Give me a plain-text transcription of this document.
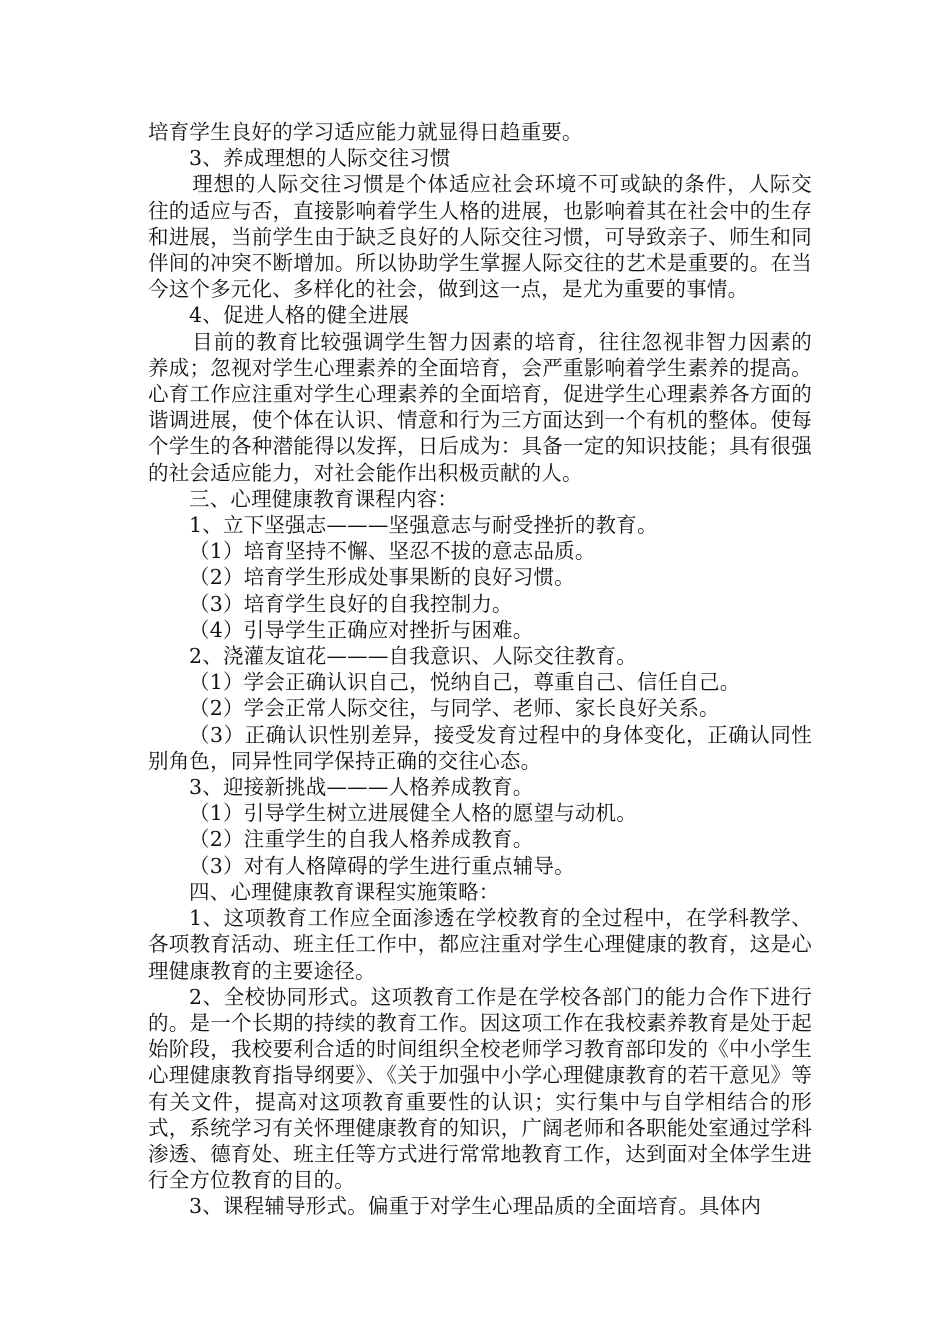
培育学生良好的学习适应能力就显得日趋重要。

3、养成理想的人际交往习惯

理想的人际交往习惯是个体适应社会环境不可或缺的条件，人际交往的适应与否，直接影响着学生人格的进展，也影响着其在社会中的生存和进展，当前学生由于缺乏良好的人际交往习惯，可导致亲子、师生和同伴间的冲突不断增加。所以协助学生掌握人际交往的艺术是重要的。在当今这个多元化、多样化的社会，做到这一点，是尤为重要的事情。

4、促进人格的健全进展

目前的教育比较强调学生智力因素的培育，往往忽视非智力因素的养成；忽视对学生心理素养的全面培育，会严重影响着学生素养的提高。心育工作应注重对学生心理素养的全面培育，促进学生心理素养各方面的谐调进展，使个体在认识、情意和行为三方面达到一个有机的整体。使每个学生的各种潜能得以发挥，日后成为：具备一定的知识技能；具有很强的社会适应能力，对社会能作出积极贡献的人。

三、心理健康教育课程内容：

1、立下坚强志———坚强意志与耐受挫折的教育。

（1）培育坚持不懈、坚忍不拔的意志品质。

（2）培育学生形成处事果断的良好习惯。

（3）培育学生良好的自我控制力。

（4）引导学生正确应对挫折与困难。

2、浇灌友谊花———自我意识、人际交往教育。

（1）学会正确认识自己，悦纳自己，尊重自己、信任自己。

（2）学会正常人际交往，与同学、老师、家长良好关系。

（3）正确认识性别差异，接受发育过程中的身体变化，正确认同性别角色，同异性同学保持正确的交往心态。

3、迎接新挑战———人格养成教育。

（1）引导学生树立进展健全人格的愿望与动机。

（2）注重学生的自我人格养成教育。

（3）对有人格障碍的学生进行重点辅导。

四、心理健康教育课程实施策略：

1、这项教育工作应全面渗透在学校教育的全过程中，在学科教学、各项教育活动、班主任工作中，都应注重对学生心理健康的教育，这是心理健康教育的主要途径。

2、全校协同形式。这项教育工作是在学校各部门的能力合作下进行的。是一个长期的持续的教育工作。因这项工作在我校素养教育是处于起始阶段，我校要利合适的时间组织全校老师学习教育部印发的《中小学生心理健康教育指导纲要》、《关于加强中小学心理健康教育的若干意见》等有关文件，提高对这项教育重要性的认识；实行集中与自学相结合的形式，系统学习有关怀理健康教育的知识，广阔老师和各职能处室通过学科渗透、德育处、班主任等方式进行常常地教育工作，达到面对全体学生进行全方位教育的目的。

3、课程辅导形式。偏重于对学生心理品质的全面培育。具体内
